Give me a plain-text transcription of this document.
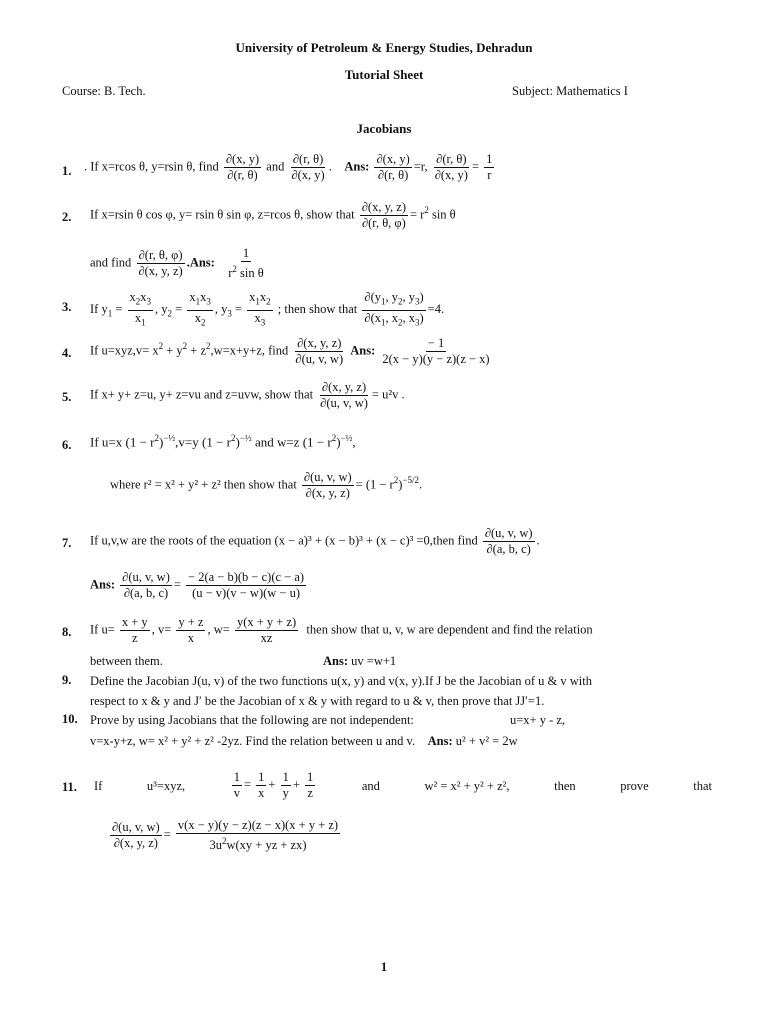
University of Petroleum & Energy Studies, Dehradun
Tutorial Sheet
Course: B. Tech.	Subject: Mathematics I
Jacobians
1. . If x=rcos θ, y=rsin θ, find $\frac{\partial(x, y)}{\partial(r, \theta)}$ and $\frac{\partial(r, \theta)}{\partial(x, y)}$ .    Ans: $\frac{\partial(x, y)}{\partial(r, \theta)} =r$, $\frac{\partial(r, \theta)}{\partial(x, y)} = \frac{1}{r}$
2. If x=rsin θ cos φ, y= rsin θ sin φ, z=rcos θ, show that $\frac{\partial(x, y, z)}{\partial(r, \theta, \varphi)} = r^2$ sin θ
and find $\frac{\partial(r, \theta, \varphi)}{\partial(x, y, z)} .Ans$: $\frac{1}{r^2 \sin \theta}$
3. If $y_1 = \frac{x_2x_3}{x_1}$ , $y_2 = \frac{x_1x_3}{x_2}$ , $y_3 = \frac{x_1x_2}{x_3}$ ; then show that $\frac{\partial(y_1, y_2, y_3)}{\partial(x_1, x_2, x_3)} =4$.
4. If $u=xyz,v= x^2 + y^2 + z^2,w=x+y+z$, find $\frac{\partial(x, y, z)}{\partial(u, v, w)}$ Ans: $\frac{- 1}{2(x - y)(y - z)(z - x)}$
5. If x+ y+ z=u, y+ z=vu and z=uvw, show that $\frac{\partial(x, y, z)}{\partial(u, v, w)} = u^2v$ .
6. If u=x $(1 - r^2)^{-\frac{1}{2}},v=y$ $(1 - r^2)^{-\frac{1}{2}}$ and w=z $(1 - r^2)^{-\frac{1}{2}}$,
where r² = x² + y² + z² then show that $\frac{\partial(u, v, w)}{\partial(x, y, z)} = (1 - r^2)^{-5/2}$.
7. If u,v,w are the roots of the equation (x − a)³ + (x − b)³ + (x − c)³ =0,then find $\frac{\partial(u, v, w)}{\partial(a, b, c)}$ .
Ans: $\frac{\partial(u, v, w)}{\partial(a, b, c)} = \frac{- 2(a - b)(b - c)(c - a)}{(u - v)(v - w)(w - u)}$
8. If $u= \frac{x + y}{z}$ , $v= \frac{y + z}{x}$ , $w= \frac{y(x + y + z)}{xz}$ then show that u, v, w are dependent and find the relation
between them.	Ans: uv =w+1
9. Define the Jacobian J(u, v) of the two functions u(x, y) and v(x, y).If J be the Jacobian of u & v with
respect to x & y and J′ be the Jacobian of x & y with regard to u & v, then prove that JJ′=1.
10. Prove by using Jacobians that the following are not independent:	u=x+ y - z,
v=x-y+z, w= x² + y² + z² -2yz. Find the relation between u and v. Ans: u² + v² = 2w
11. If	u³=xyz,	$\frac{1}{v} = \frac{1}{x} + \frac{1}{y} + \frac{1}{z}$	and	w² = x² + y² + z²,	then	prove	that
$\frac{\partial(u, v, w)}{\partial(x, y, z)} = \frac{v(x - y)(y - z)(z - x)(x + y + z)}{3u^2w(xy + yz + zx)}$
1
